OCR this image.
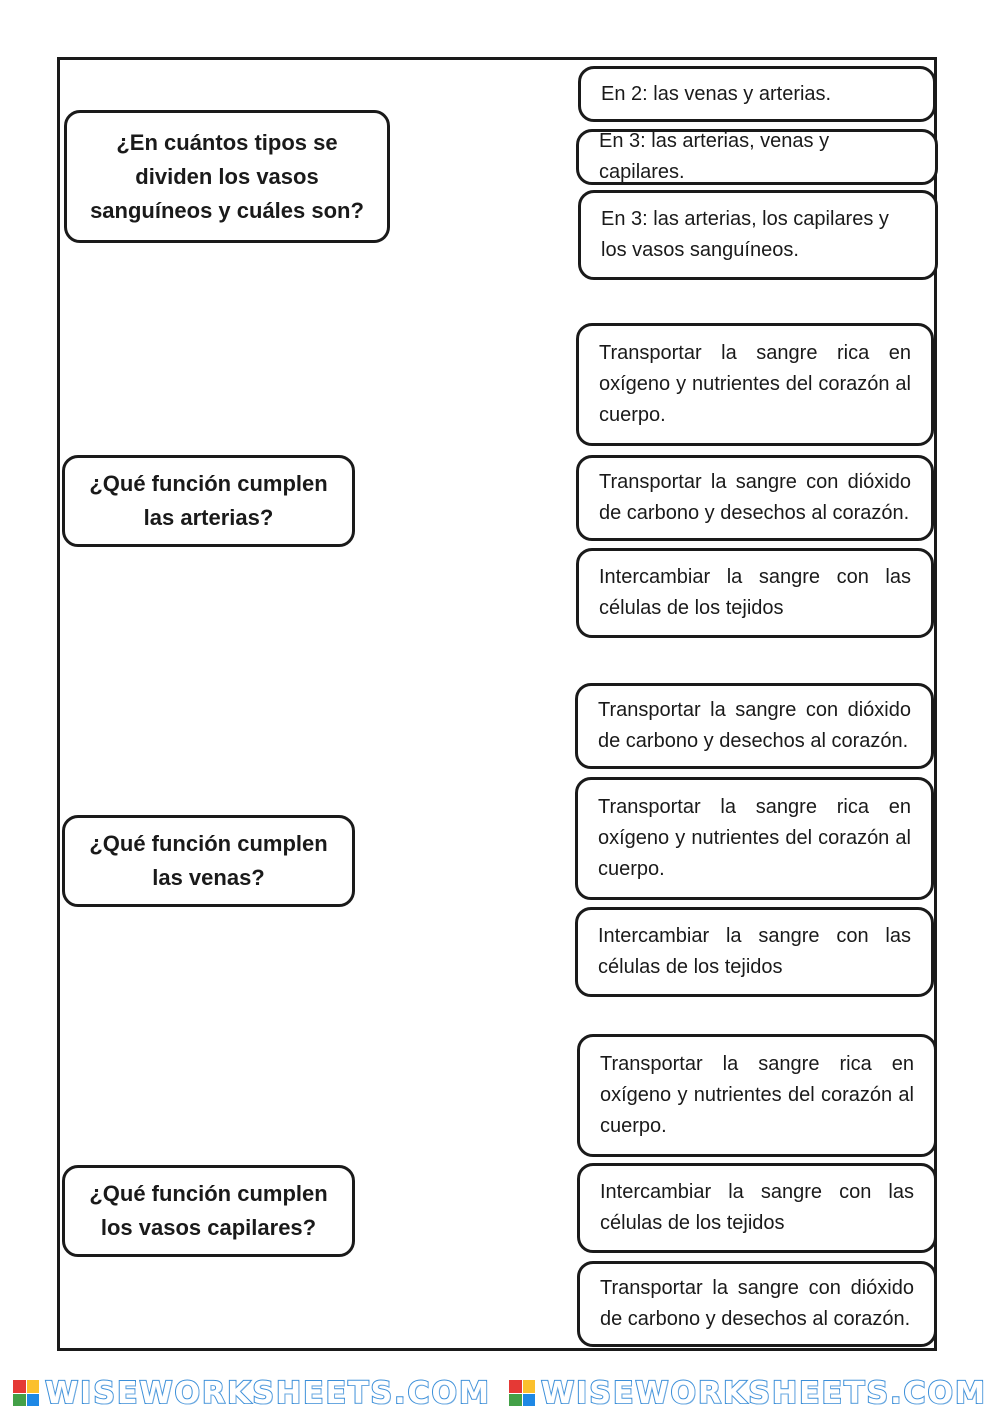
¿En cuántos tipos se dividen los vasos sanguíneos y cuáles son?
¿Qué función cumplen las arterias?
¿Qué función cumplen las venas?
¿Qué función cumplen los vasos capilares?
En 2: las venas y arterias.
En 3: las arterias, venas y capilares.
En 3: las arterias, los capilares y los vasos sanguíneos.
Transportar la sangre rica en oxígeno y nutrientes del corazón al cuerpo.
Transportar la sangre con dióxido de carbono y desechos al corazón.
Intercambiar la sangre con las células de los tejidos
Transportar la sangre con dióxido de carbono y desechos al corazón.
Transportar la sangre rica en oxígeno y nutrientes del corazón al cuerpo.
Intercambiar la sangre con las células de los tejidos
Transportar la sangre rica en oxígeno y nutrientes del corazón al cuerpo.
Intercambiar la sangre con las células de los tejidos
Transportar la sangre con dióxido de carbono y desechos al corazón.
WISEWORKSHEETS.COM WISEWORKSHEETS.COM
